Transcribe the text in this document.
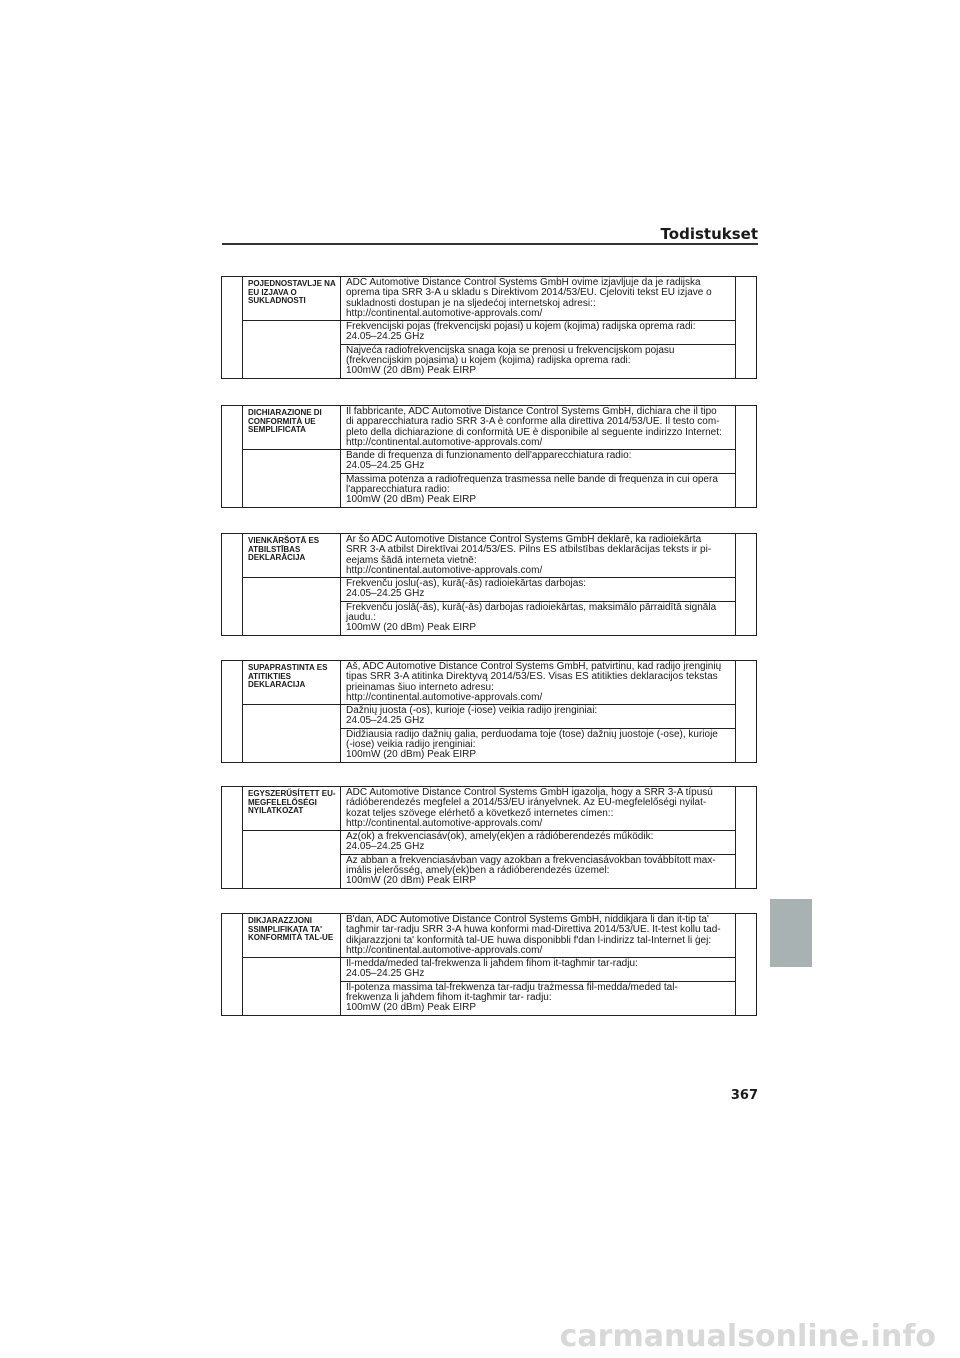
Todistukset
POJEDNOSTAVLJE NA EU IZJAVA O SUKLADNOSTI
ADC Automotive Distance Control Systems GmbH ovime izjavljuje da je radijska
oprema tipa SRR 3-A u skladu s Direktivom 2014/53/EU. Cjeloviti tekst EU izjave o
sukladnosti dostupan je na sljedećoj internetskoj adresi::
http://continental.automotive-approvals.com/
Frekvencijski pojas (frekvencijski pojasi) u kojem (kojima) radijska oprema radi:
24.05–24.25 GHz
Najveća radiofrekvencijska snaga koja se prenosi u frekvencijskom pojasu
(frekvencijskim pojasima) u kojem (kojima) radijska oprema radi:
100mW (20 dBm) Peak EIRP
DICHIARAZIONE DI CONFORMITÀ UE SEMPLIFICATA
Il fabbricante, ADC Automotive Distance Control Systems GmbH, dichiara che il tipo
di apparecchiatura radio SRR 3-A è conforme alla direttiva 2014/53/UE. Il testo com-
pleto della dichiarazione di conformità UE è disponibile al seguente indirizzo Internet:
http://continental.automotive-approvals.com/
Bande di frequenza di funzionamento dell'apparecchiatura radio:
24.05–24.25 GHz
Massima potenza a radiofrequenza trasmessa nelle bande di frequenza in cui opera
l'apparecchiatura radio:
100mW (20 dBm) Peak EIRP
VIENKĀRŠOTĀ ES ATBILSTĪBAS DEKLARĀCIJA
Ar šo ADC Automotive Distance Control Systems GmbH deklarē, ka radioiekārta
SRR 3-A atbilst Direktīvai 2014/53/ES. Pilns ES atbilstības deklarācijas teksts ir pi-
eejams šādā interneta vietnē:
http://continental.automotive-approvals.com/
Frekvenču joslu(-as), kurā(-ās) radioiekārtas darbojas:
24.05–24.25 GHz
Frekvenču joslā(-ās), kurā(-ās) darbojas radioiekārtas, maksimālo pārraidītā signāla
jaudu.:
100mW (20 dBm) Peak EIRP
SUPAPRASTINTA ES ATITIKTIES DEKLARACIJA
Aš, ADC Automotive Distance Control Systems GmbH, patvirtinu, kad radijo įrenginių
tipas SRR 3-A atitinka Direktyvą 2014/53/ES. Visas ES atitikties deklaracijos tekstas
prieinamas šiuo interneto adresu:
http://continental.automotive-approvals.com/
Dažnių juosta (-os), kurioje (-iose) veikia radijo įrenginiai:
24.05–24.25 GHz
Didžiausia radijo dažnių galia, perduodama toje (tose) dažnių juostoje (-ose), kurioje
(-iose) veikia radijo įrenginiai:
100mW (20 dBm) Peak EIRP
EGYSZERŰSÍTETT EU-MEGFELELŐSÉGI NYILATKOZAT
ADC Automotive Distance Control Systems GmbH igazolja, hogy a SRR 3-A típusú
rádióberendezés megfelel a 2014/53/EU irányelvnek. Az EU-megfelelőségi nyilat-
kozat teljes szövege elérhető a következő internetes címen::
http://continental.automotive-approvals.com/
Az(ok) a frekvenciasáv(ok), amely(ek)en a rádióberendezés működik:
24.05–24.25 GHz
Az abban a frekvenciasávban vagy azokban a frekvenciasávokban továbbított max-
imális jelerősség, amely(ek)ben a rádióberendezés üzemel:
100mW (20 dBm) Peak EIRP
DIKJARAZZJONI SSIMPLIFIKATA TA' KONFORMITÀ TAL-UE
B'dan, ADC Automotive Distance Control Systems GmbH, niddikjara li dan it-tip ta'
tagħmir tar-radju SRR 3-A huwa konformi mad-Direttiva 2014/53/UE. It-test kollu tad-
dikjarazzjoni ta' konformità tal-UE huwa disponibbli f'dan l-indirizz tal-Internet li ġej:
http://continental.automotive-approvals.com/
Il-medda/meded tal-frekwenza li jaħdem fihom it-tagħmir tar-radju:
24.05–24.25 GHz
Il-potenza massima tal-frekwenza tar-radju trażmessa fil-medda/meded tal-
frekwenza li jaħdem fihom it-tagħmir tar- radju:
100mW (20 dBm) Peak EIRP
367
carmanualsonline.info
